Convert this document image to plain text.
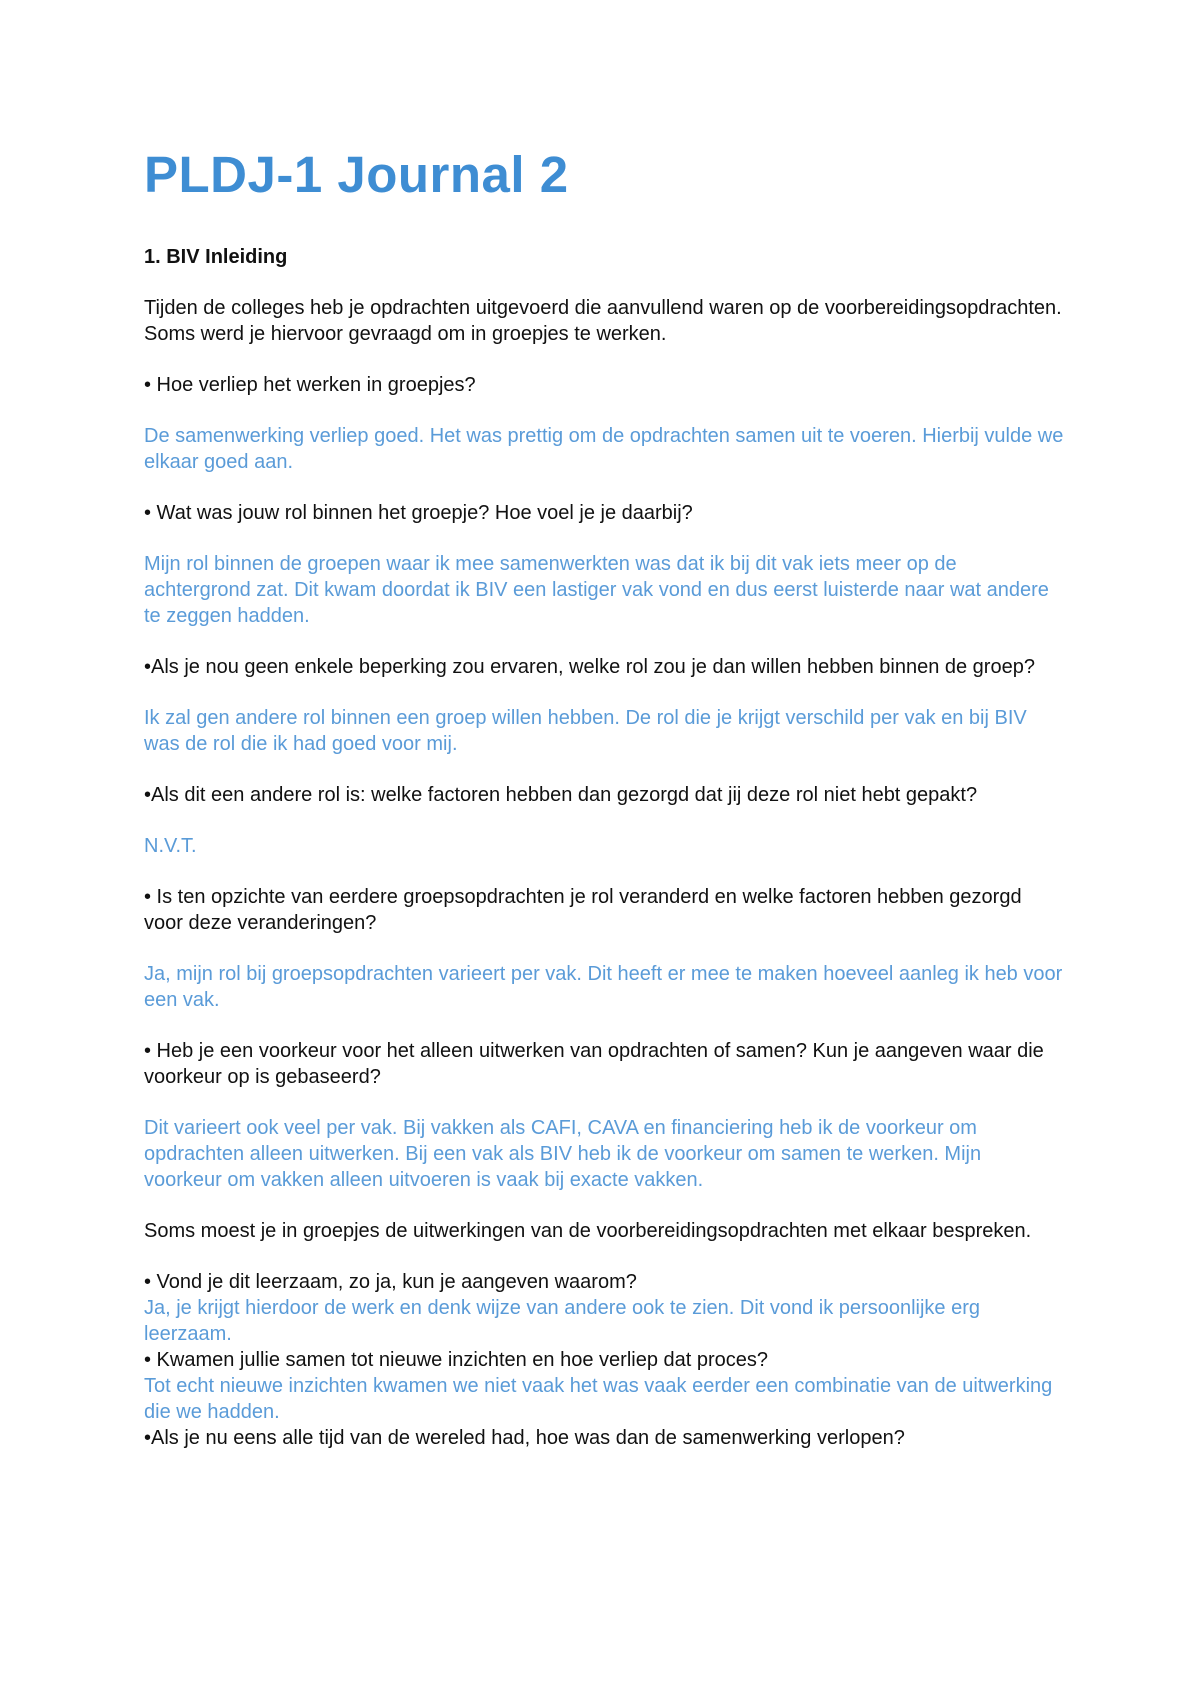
PLDJ-1 Journal 2
1. BIV Inleiding
Tijden de colleges heb je opdrachten uitgevoerd die aanvullend waren op de voorbereidingsopdrachten. Soms werd je hiervoor gevraagd om in groepjes te werken.
• Hoe verliep het werken in groepjes?
De samenwerking verliep goed. Het was prettig om de opdrachten samen uit te voeren. Hierbij vulde we elkaar goed aan.
• Wat was jouw rol binnen het groepje? Hoe voel je je daarbij?
Mijn rol binnen de groepen waar ik mee samenwerkten was dat ik bij dit vak iets meer op de achtergrond zat. Dit kwam doordat ik BIV een lastiger vak vond en dus eerst luisterde naar wat andere te zeggen hadden.
•Als je nou geen enkele beperking zou ervaren, welke rol zou je dan willen hebben binnen de groep?
Ik zal gen andere rol binnen een groep willen hebben. De rol die je krijgt verschild per vak en bij BIV was de rol die ik had goed voor mij.
•Als dit een andere rol is: welke factoren hebben dan gezorgd dat jij deze rol niet hebt gepakt?
N.V.T.
• Is ten opzichte van eerdere groepsopdrachten je rol veranderd en welke factoren hebben gezorgd voor deze veranderingen?
Ja, mijn rol bij groepsopdrachten varieert per vak. Dit heeft er mee te maken hoeveel aanleg ik heb voor een vak.
• Heb je een voorkeur voor het alleen uitwerken van opdrachten of samen? Kun je aangeven waar die voorkeur op is gebaseerd?
Dit varieert ook veel per vak. Bij vakken als CAFI, CAVA en financiering heb ik de voorkeur om opdrachten alleen uitwerken. Bij een vak als BIV heb ik de voorkeur om samen te werken. Mijn voorkeur om vakken alleen uitvoeren is vaak bij exacte vakken.
Soms moest je in groepjes de uitwerkingen van de voorbereidingsopdrachten met elkaar bespreken.
• Vond je dit leerzaam, zo ja, kun je aangeven waarom?
Ja, je krijgt hierdoor de werk en denk wijze van andere ook te zien. Dit vond ik persoonlijke erg leerzaam.
• Kwamen jullie samen tot nieuwe inzichten en hoe verliep dat proces?
Tot echt nieuwe inzichten kwamen we niet vaak het was vaak eerder een combinatie van de uitwerking die we hadden.
•Als je nu eens alle tijd van de wereled had, hoe was dan de samenwerking verlopen?
